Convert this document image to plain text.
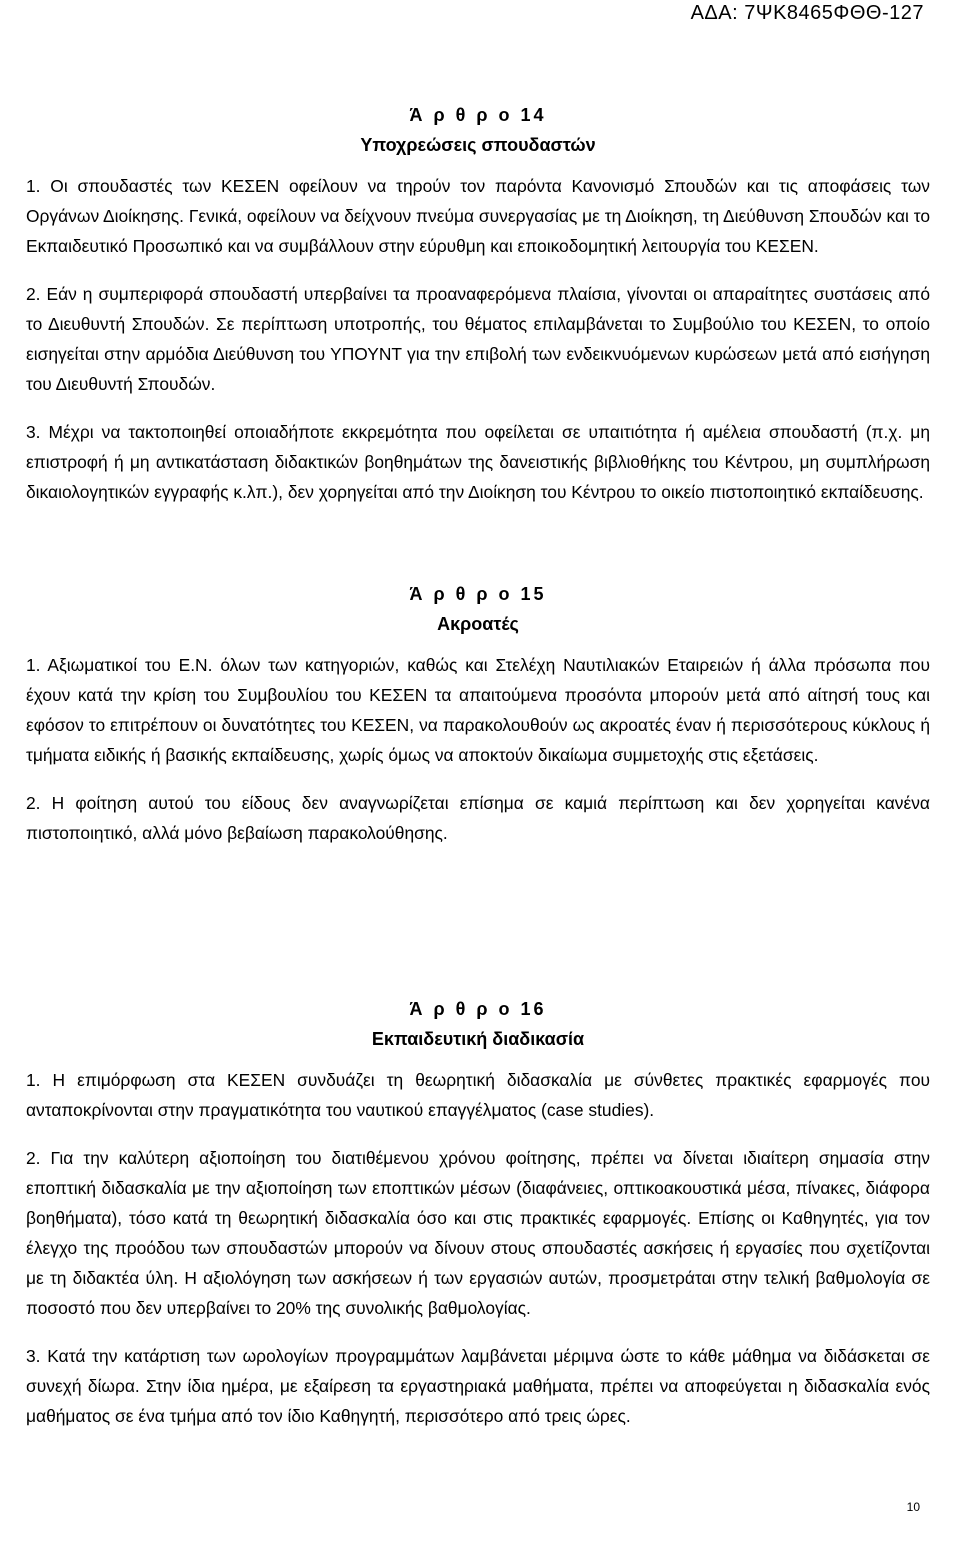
ΑΔΑ: 7ΨΚ8465ΦΘΘ-127

Ά ρ θ ρ ο 14

Υποχρεώσεις σπουδαστών

1. Οι σπουδαστές των ΚΕΣΕΝ οφείλουν να τηρούν τον παρόντα Κανονισμό Σπουδών και τις αποφάσεις των Οργάνων Διοίκησης. Γενικά, οφείλουν να δείχνουν πνεύμα συνεργασίας με τη Διοίκηση, τη Διεύθυνση Σπουδών και το Εκπαιδευτικό Προσωπικό και να συμβάλλουν στην εύρυθμη και εποικοδομητική λειτουργία του ΚΕΣΕΝ.

2. Εάν η συμπεριφορά σπουδαστή υπερβαίνει τα προαναφερόμενα πλαίσια, γίνονται οι απαραίτητες συστάσεις από το Διευθυντή Σπουδών. Σε περίπτωση υποτροπής, του θέματος επιλαμβάνεται το Συμβούλιο του ΚΕΣΕΝ, το οποίο εισηγείται στην αρμόδια Διεύθυνση του ΥΠΟΥΝΤ για την επιβολή των ενδεικνυόμενων κυρώσεων μετά από εισήγηση του Διευθυντή Σπουδών.

3. Μέχρι να τακτοποιηθεί οποιαδήποτε εκκρεμότητα που οφείλεται σε υπαιτιότητα ή αμέλεια σπουδαστή (π.χ. μη επιστροφή ή μη αντικατάσταση διδακτικών βοηθημάτων της δανειστικής βιβλιοθήκης του Κέντρου, μη συμπλήρωση δικαιολογητικών εγγραφής κ.λπ.), δεν χορηγείται από την Διοίκηση του Κέντρου το οικείο πιστοποιητικό εκπαίδευσης.

Ά ρ θ ρ ο 15

Ακροατές

1. Αξιωματικοί του Ε.Ν. όλων των κατηγοριών, καθώς και Στελέχη Ναυτιλιακών Εταιρειών ή άλλα πρόσωπα που έχουν κατά την κρίση του Συμβουλίου του ΚΕΣΕΝ τα απαιτούμενα προσόντα μπορούν μετά από αίτησή τους και εφόσον το επιτρέπουν οι δυνατότητες του ΚΕΣΕΝ, να παρακολουθούν ως ακροατές έναν ή περισσότερους κύκλους ή τμήματα ειδικής ή βασικής εκπαίδευσης, χωρίς όμως να αποκτούν δικαίωμα συμμετοχής στις εξετάσεις.

2. Η φοίτηση αυτού του είδους δεν αναγνωρίζεται επίσημα σε καμιά περίπτωση και δεν χορηγείται κανένα πιστοποιητικό, αλλά μόνο βεβαίωση παρακολούθησης.

Ά ρ θ ρ ο 16

Εκπαιδευτική διαδικασία

1. Η επιμόρφωση στα ΚΕΣΕΝ συνδυάζει τη θεωρητική διδασκαλία με σύνθετες πρακτικές εφαρμογές που ανταποκρίνονται στην πραγματικότητα του ναυτικού επαγγέλματος (case studies).

2. Για την καλύτερη αξιοποίηση του διατιθέμενου χρόνου φοίτησης, πρέπει να δίνεται ιδιαίτερη σημασία στην εποπτική διδασκαλία με την αξιοποίηση των εποπτικών μέσων (διαφάνειες, οπτικοακουστικά μέσα, πίνακες, διάφορα βοηθήματα), τόσο κατά τη θεωρητική διδασκαλία όσο και στις πρακτικές εφαρμογές. Επίσης οι Καθηγητές, για τον έλεγχο της προόδου των σπουδαστών μπορούν να δίνουν στους σπουδαστές ασκήσεις ή εργασίες που σχετίζονται με τη διδακτέα ύλη. Η αξιολόγηση των ασκήσεων ή των εργασιών αυτών, προσμετράται στην τελική βαθμολογία σε ποσοστό που δεν υπερβαίνει το 20% της συνολικής βαθμολογίας.

3. Κατά την κατάρτιση των ωρολογίων προγραμμάτων λαμβάνεται μέριμνα ώστε το κάθε μάθημα να διδάσκεται σε συνεχή δίωρα. Στην ίδια ημέρα, με εξαίρεση τα εργαστηριακά μαθήματα, πρέπει να αποφεύγεται η διδασκαλία ενός μαθήματος σε ένα τμήμα από τον ίδιο Καθηγητή, περισσότερο από τρεις ώρες.

10
